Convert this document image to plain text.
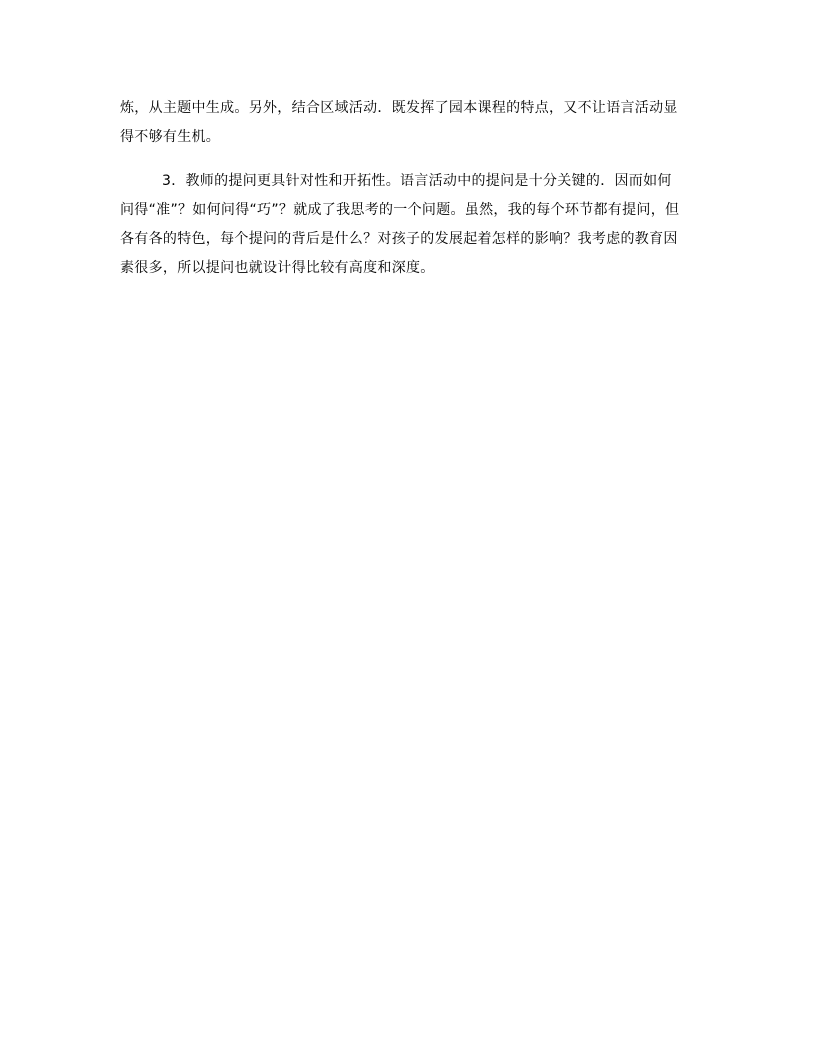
炼，从主题中生成。另外，结合区域活动．既发挥了园本课程的特点，又不让语言活动显
得不够有生机。
3．教师的提问更具针对性和开拓性。语言活动中的提问是十分关键的．因而如何
问得“准”？如何问得“巧”？就成了我思考的一个问题。虽然，我的每个环节都有提问，但
各有各的特色，每个提问的背后是什么？对孩子的发展起着怎样的影响？我考虑的教育因
素很多，所以提问也就设计得比较有高度和深度。
